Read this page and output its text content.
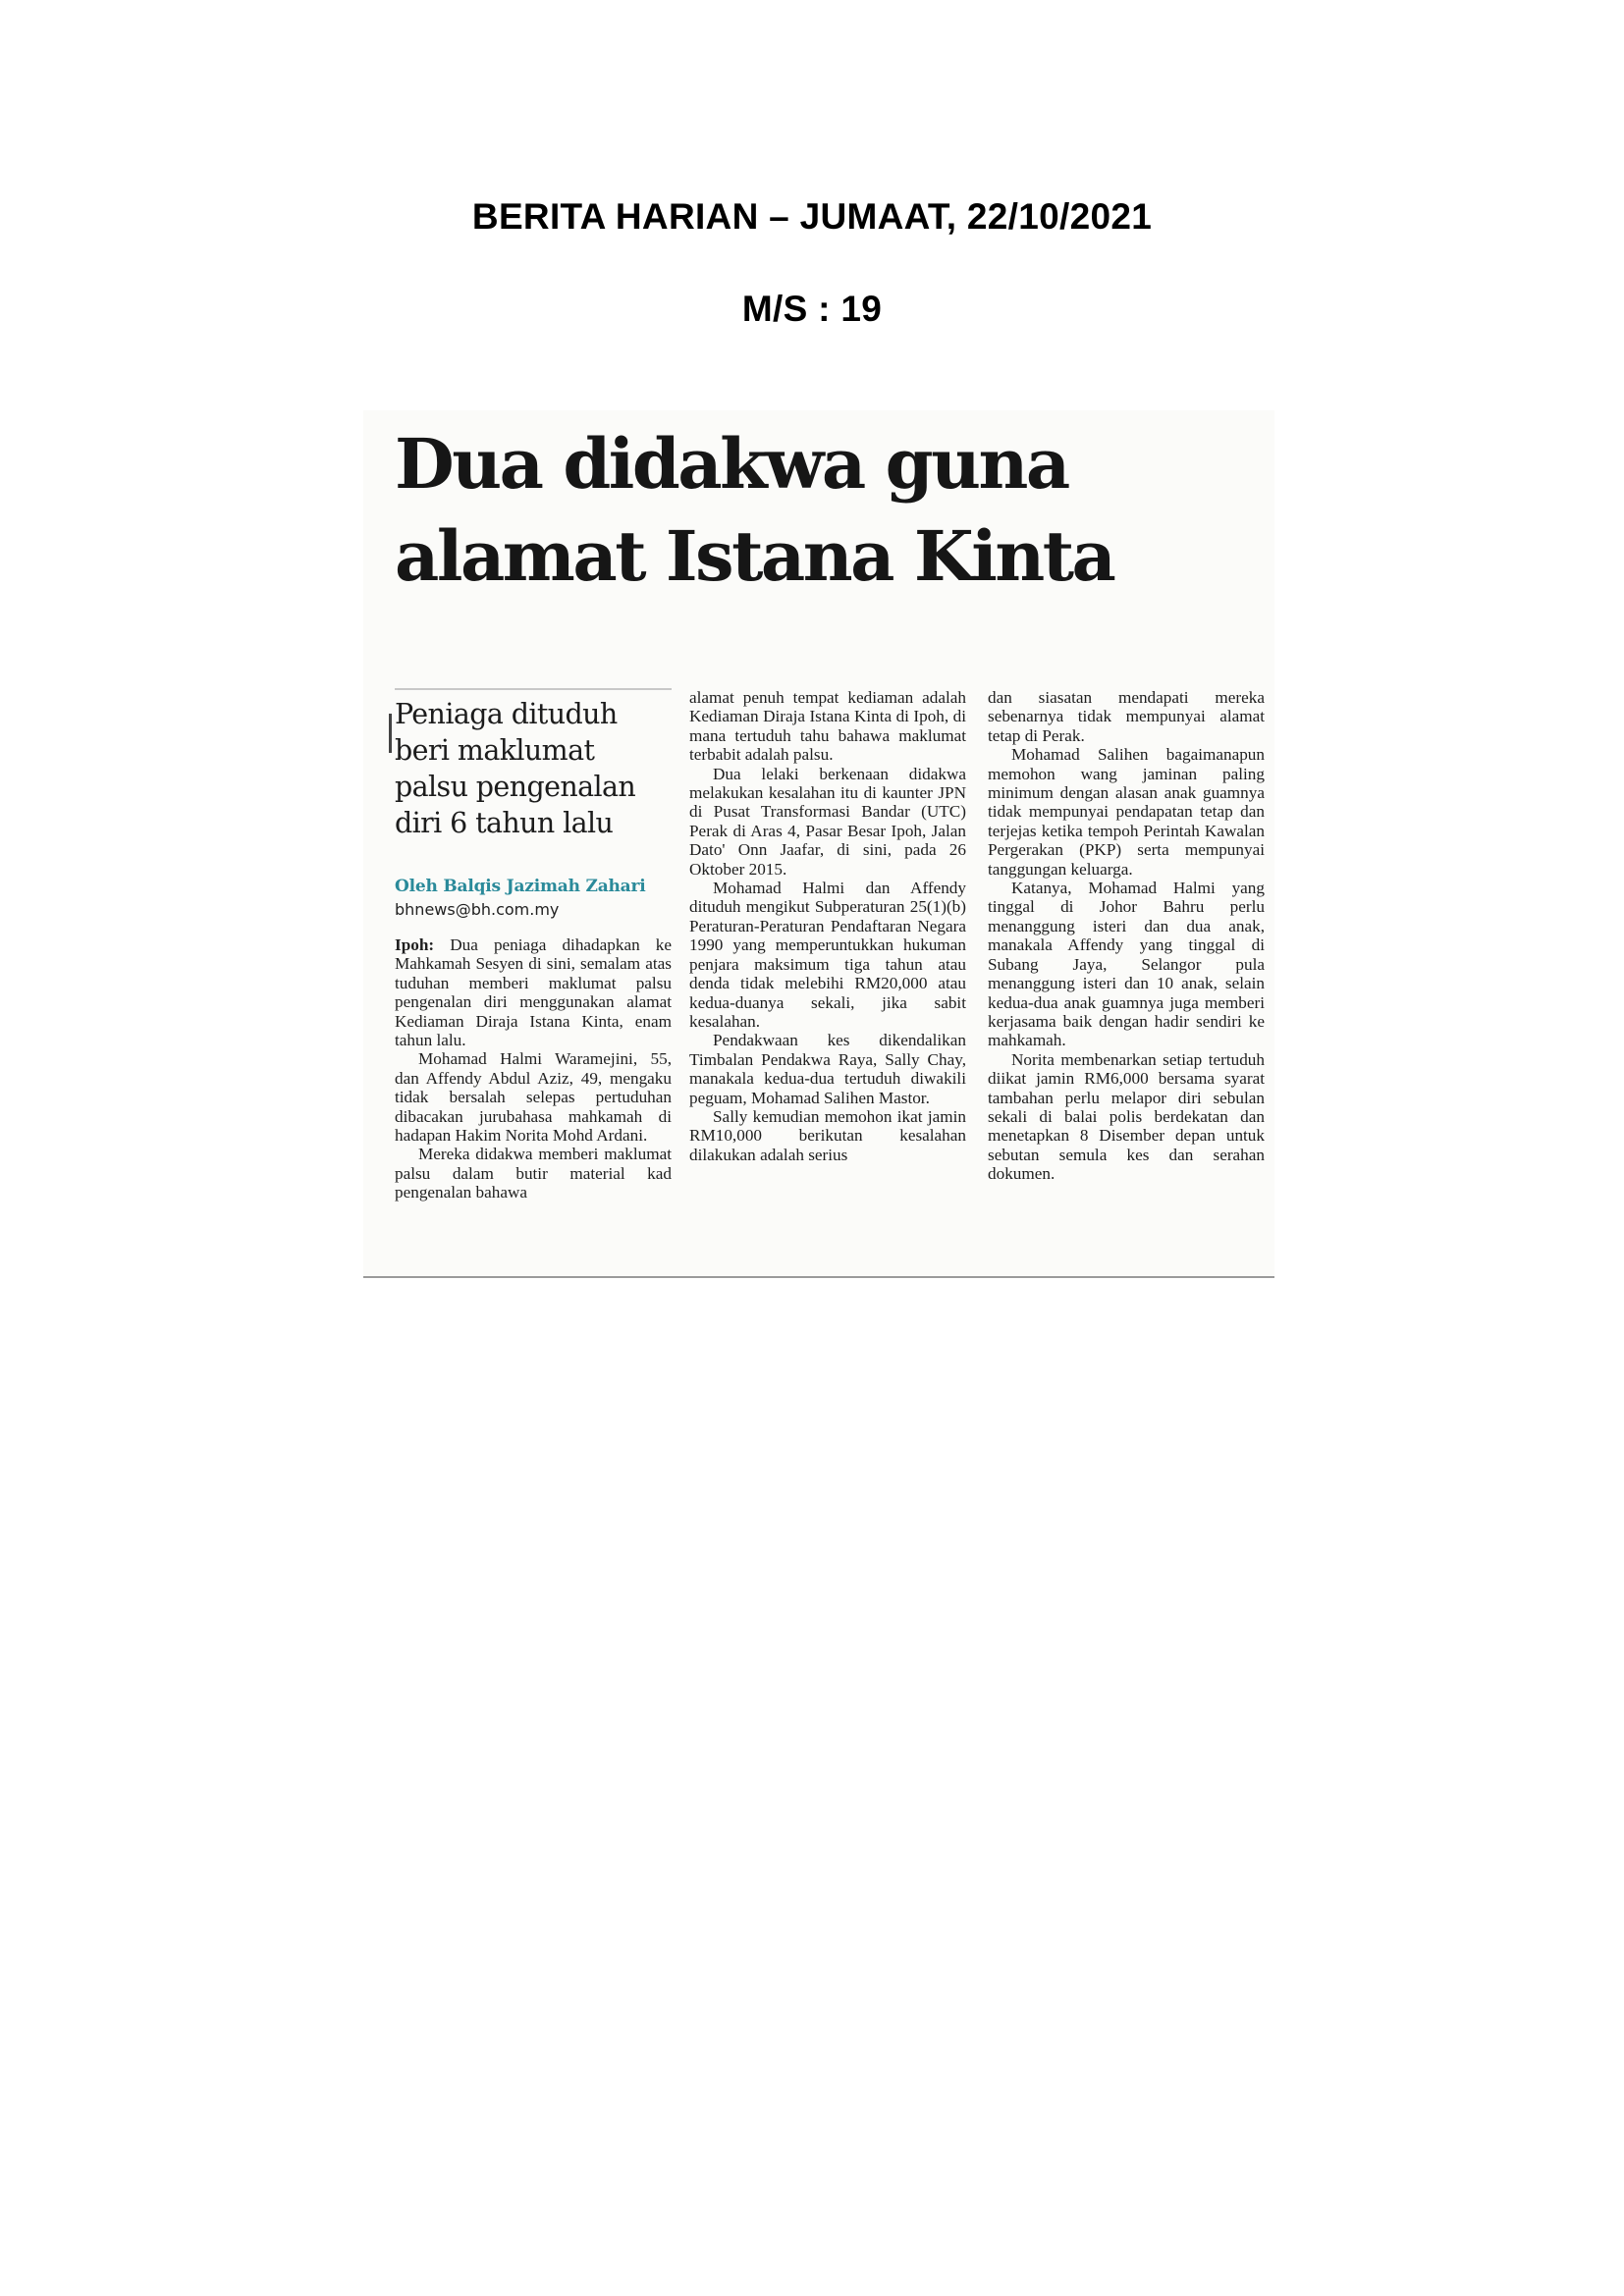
BERITA HARIAN – JUMAAT, 22/10/2021
M/S : 19
Dua didakwa guna
alamat Istana Kinta

Peniaga dituduh beri maklumat palsu pengenalan diri 6 tahun lalu

Oleh Balqis Jazimah Zahari
bhnews@bh.com.my

Ipoh: Dua peniaga dihadapkan ke Mahkamah Sesyen di sini, semalam atas tuduhan memberi maklumat palsu pengenalan diri menggunakan alamat Kediaman Diraja Istana Kinta, enam tahun lalu.

Mohamad Halmi Waramejini, 55, dan Affendy Abdul Aziz, 49, mengaku tidak bersalah selepas pertuduhan dibacakan jurubahasa mahkamah di hadapan Hakim Norita Mohd Ardani.

Mereka didakwa memberi maklumat palsu dalam butir material kad pengenalan bahawa

alamat penuh tempat kediaman adalah Kediaman Diraja Istana Kinta di Ipoh, di mana tertuduh tahu bahawa maklumat terbabit adalah palsu.

Dua lelaki berkenaan didakwa melakukan kesalahan itu di kaunter JPN di Pusat Transformasi Bandar (UTC) Perak di Aras 4, Pasar Besar Ipoh, Jalan Dato' Onn Jaafar, di sini, pada 26 Oktober 2015.

Mohamad Halmi dan Affendy dituduh mengikut Subperaturan 25(1)(b) Peraturan-Peraturan Pendaftaran Negara 1990 yang memperuntukkan hukuman penjara maksimum tiga tahun atau denda tidak melebihi RM20,000 atau kedua-duanya sekali, jika sabit kesalahan.

Pendakwaan kes dikendalikan Timbalan Pendakwa Raya, Sally Chay, manakala kedua-dua tertuduh diwakili peguam, Mohamad Salihen Mastor.

Sally kemudian memohon ikat jamin RM10,000 berikutan kesalahan dilakukan adalah serius

dan siasatan mendapati mereka sebenarnya tidak mempunyai alamat tetap di Perak.

Mohamad Salihen bagaimanapun memohon wang jaminan paling minimum dengan alasan anak guamnya tidak mempunyai pendapatan tetap dan terjejas ketika tempoh Perintah Kawalan Pergerakan (PKP) serta mempunyai tanggungan keluarga.

Katanya, Mohamad Halmi yang tinggal di Johor Bahru perlu menanggung isteri dan dua anak, manakala Affendy yang tinggal di Subang Jaya, Selangor pula menanggung isteri dan 10 anak, selain kedua-dua anak guamnya juga memberi kerjasama baik dengan hadir sendiri ke mahkamah.

Norita membenarkan setiap tertuduh diikat jamin RM6,000 bersama syarat tambahan perlu melapor diri sebulan sekali di balai polis berdekatan dan menetapkan 8 Disember depan untuk sebutan semula kes dan serahan dokumen.
